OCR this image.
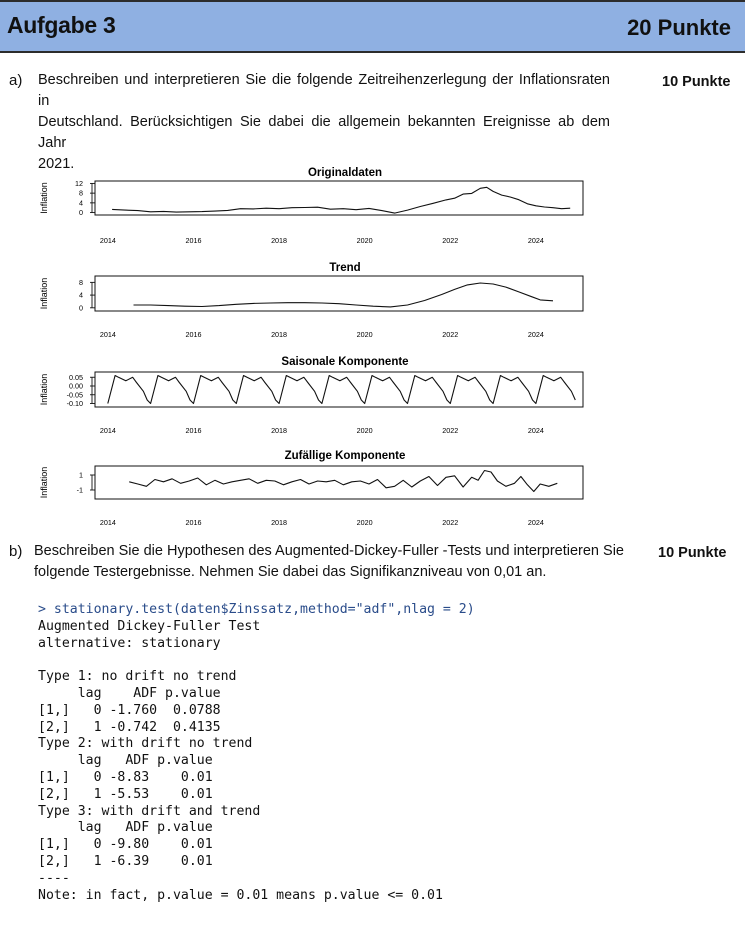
Aufgabe 3	20 Punkte
a) Beschreiben und interpretieren Sie die folgende Zeitreihenzerlegung der Inflationsraten in
Deutschland. Berücksichtigen Sie dabei die allgemein bekannten Ereignisse ab dem Jahr
2021.
10 Punkte
Originaldaten
Inflation	12
8
4
0
2014	2016	2018	2020	2022	2024
Trend
Inflation	8
4
0
2014	2016	2018	2020	2022	2024
Saisonale Komponente
Inflation	0.05
0.00
-0.05
-0.10
2014	2016	2018	2020	2022	2024
Zufällige Komponente
Inflation	1
-1
2014	2016	2018	2020	2022	2024
b) Beschreiben Sie die Hypothesen des Augmented-Dickey-Fuller -Tests und interpretieren Sie
folgende Testergebnisse. Nehmen Sie dabei das Signifikanzniveau von 0,01 an.
10 Punkte
> stationary.test(daten$Zinssatz,method="adf",nlag = 2)
Augmented Dickey-Fuller Test
alternative: stationary

Type 1: no drift no trend
lag    ADF p.value
[1,]   0 -1.760  0.0788
[2,]   1 -0.742  0.4135
Type 2: with drift no trend
lag   ADF p.value
[1,]   0 -8.83    0.01
[2,]   1 -5.53    0.01
Type 3: with drift and trend
lag   ADF p.value
[1,]   0 -9.80    0.01
[2,]   1 -6.39    0.01
----
Note: in fact, p.value = 0.01 means p.value <= 0.01
